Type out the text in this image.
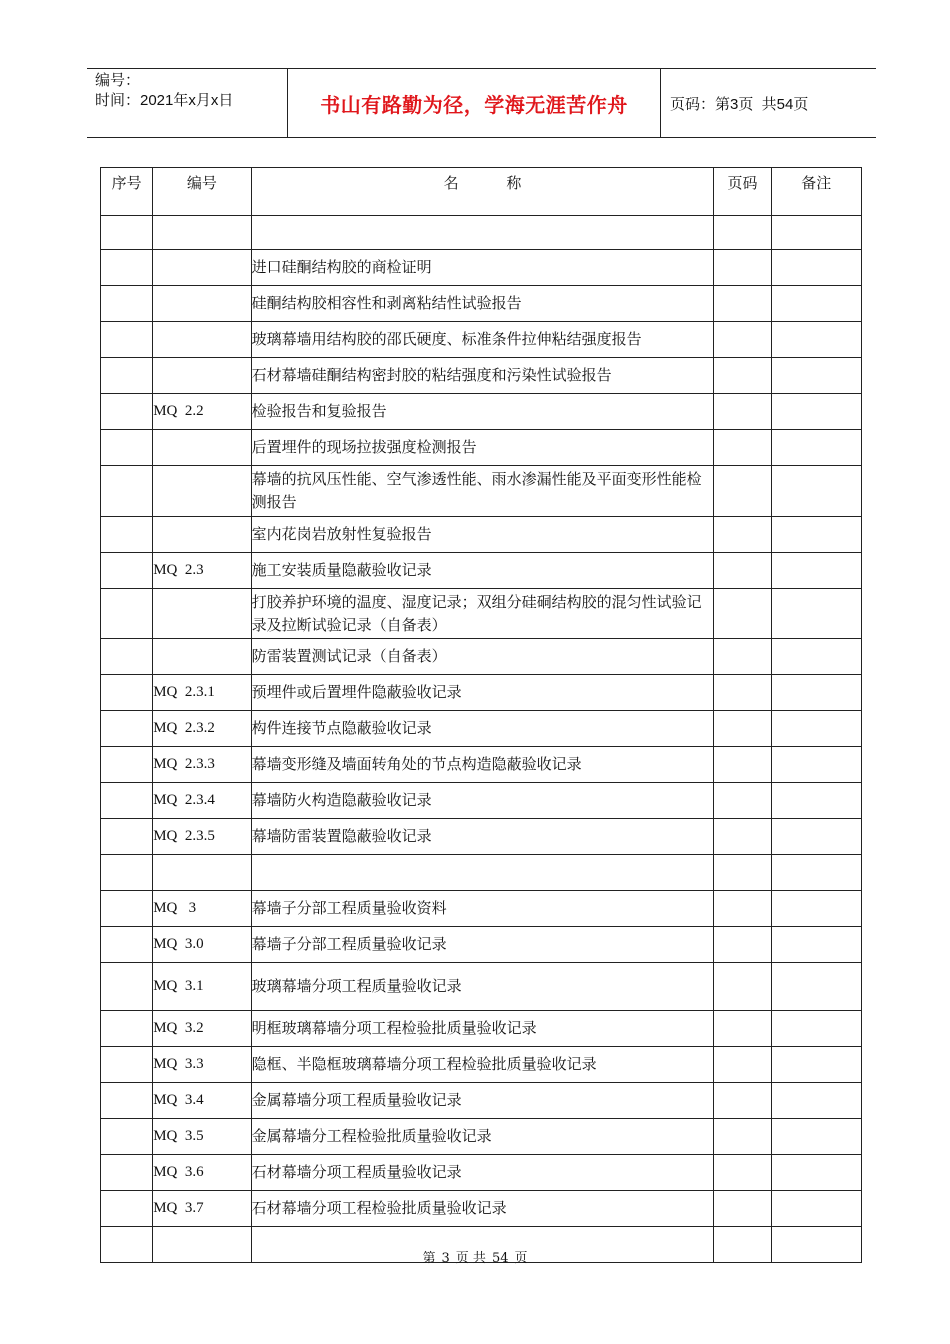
编号：
时间：2021年x月x日	书山有路勤为径，学海无涯苦作舟	页码：第3页  共54页
序号	编号	名          称	页码	备注

		进口硅酮结构胶的商检证明		
		硅酮结构胶相容性和剥离粘结性试验报告		
		玻璃幕墙用结构胶的邵氏硬度、标准条件拉伸粘结强度报告		
		石材幕墙硅酮结构密封胶的粘结强度和污染性试验报告		
	MQ  2.2	检验报告和复验报告		
		后置埋件的现场拉拔强度检测报告		
		幕墙的抗风压性能、空气渗透性能、雨水渗漏性能及平面变形性能检测报告		
		室内花岗岩放射性复验报告		
	MQ  2.3	施工安装质量隐蔽验收记录		
		打胶养护环境的温度、湿度记录；双组分硅硐结构胶的混匀性试验记录及拉断试验记录（自备表）		
		防雷装置测试记录（自备表）		
	MQ  2.3.1	预埋件或后置埋件隐蔽验收记录		
	MQ  2.3.2	构件连接节点隐蔽验收记录		
	MQ  2.3.3	幕墙变形缝及墙面转角处的节点构造隐蔽验收记录		
	MQ  2.3.4	幕墙防火构造隐蔽验收记录		
	MQ  2.3.5	幕墙防雷装置隐蔽验收记录		

	MQ   3	幕墙子分部工程质量验收资料		
	MQ  3.0	幕墙子分部工程质量验收记录		
	MQ  3.1	玻璃幕墙分项工程质量验收记录		
	MQ  3.2	明框玻璃幕墙分项工程检验批质量验收记录		
	MQ  3.3	隐框、半隐框玻璃幕墙分项工程检验批质量验收记录		
	MQ  3.4	金属幕墙分项工程质量验收记录		
	MQ  3.5	金属幕墙分工程检验批质量验收记录		
	MQ  3.6	石材幕墙分项工程质量验收记录		
	MQ  3.7	石材幕墙分项工程检验批质量验收记录		

第 3 页 共 54 页
